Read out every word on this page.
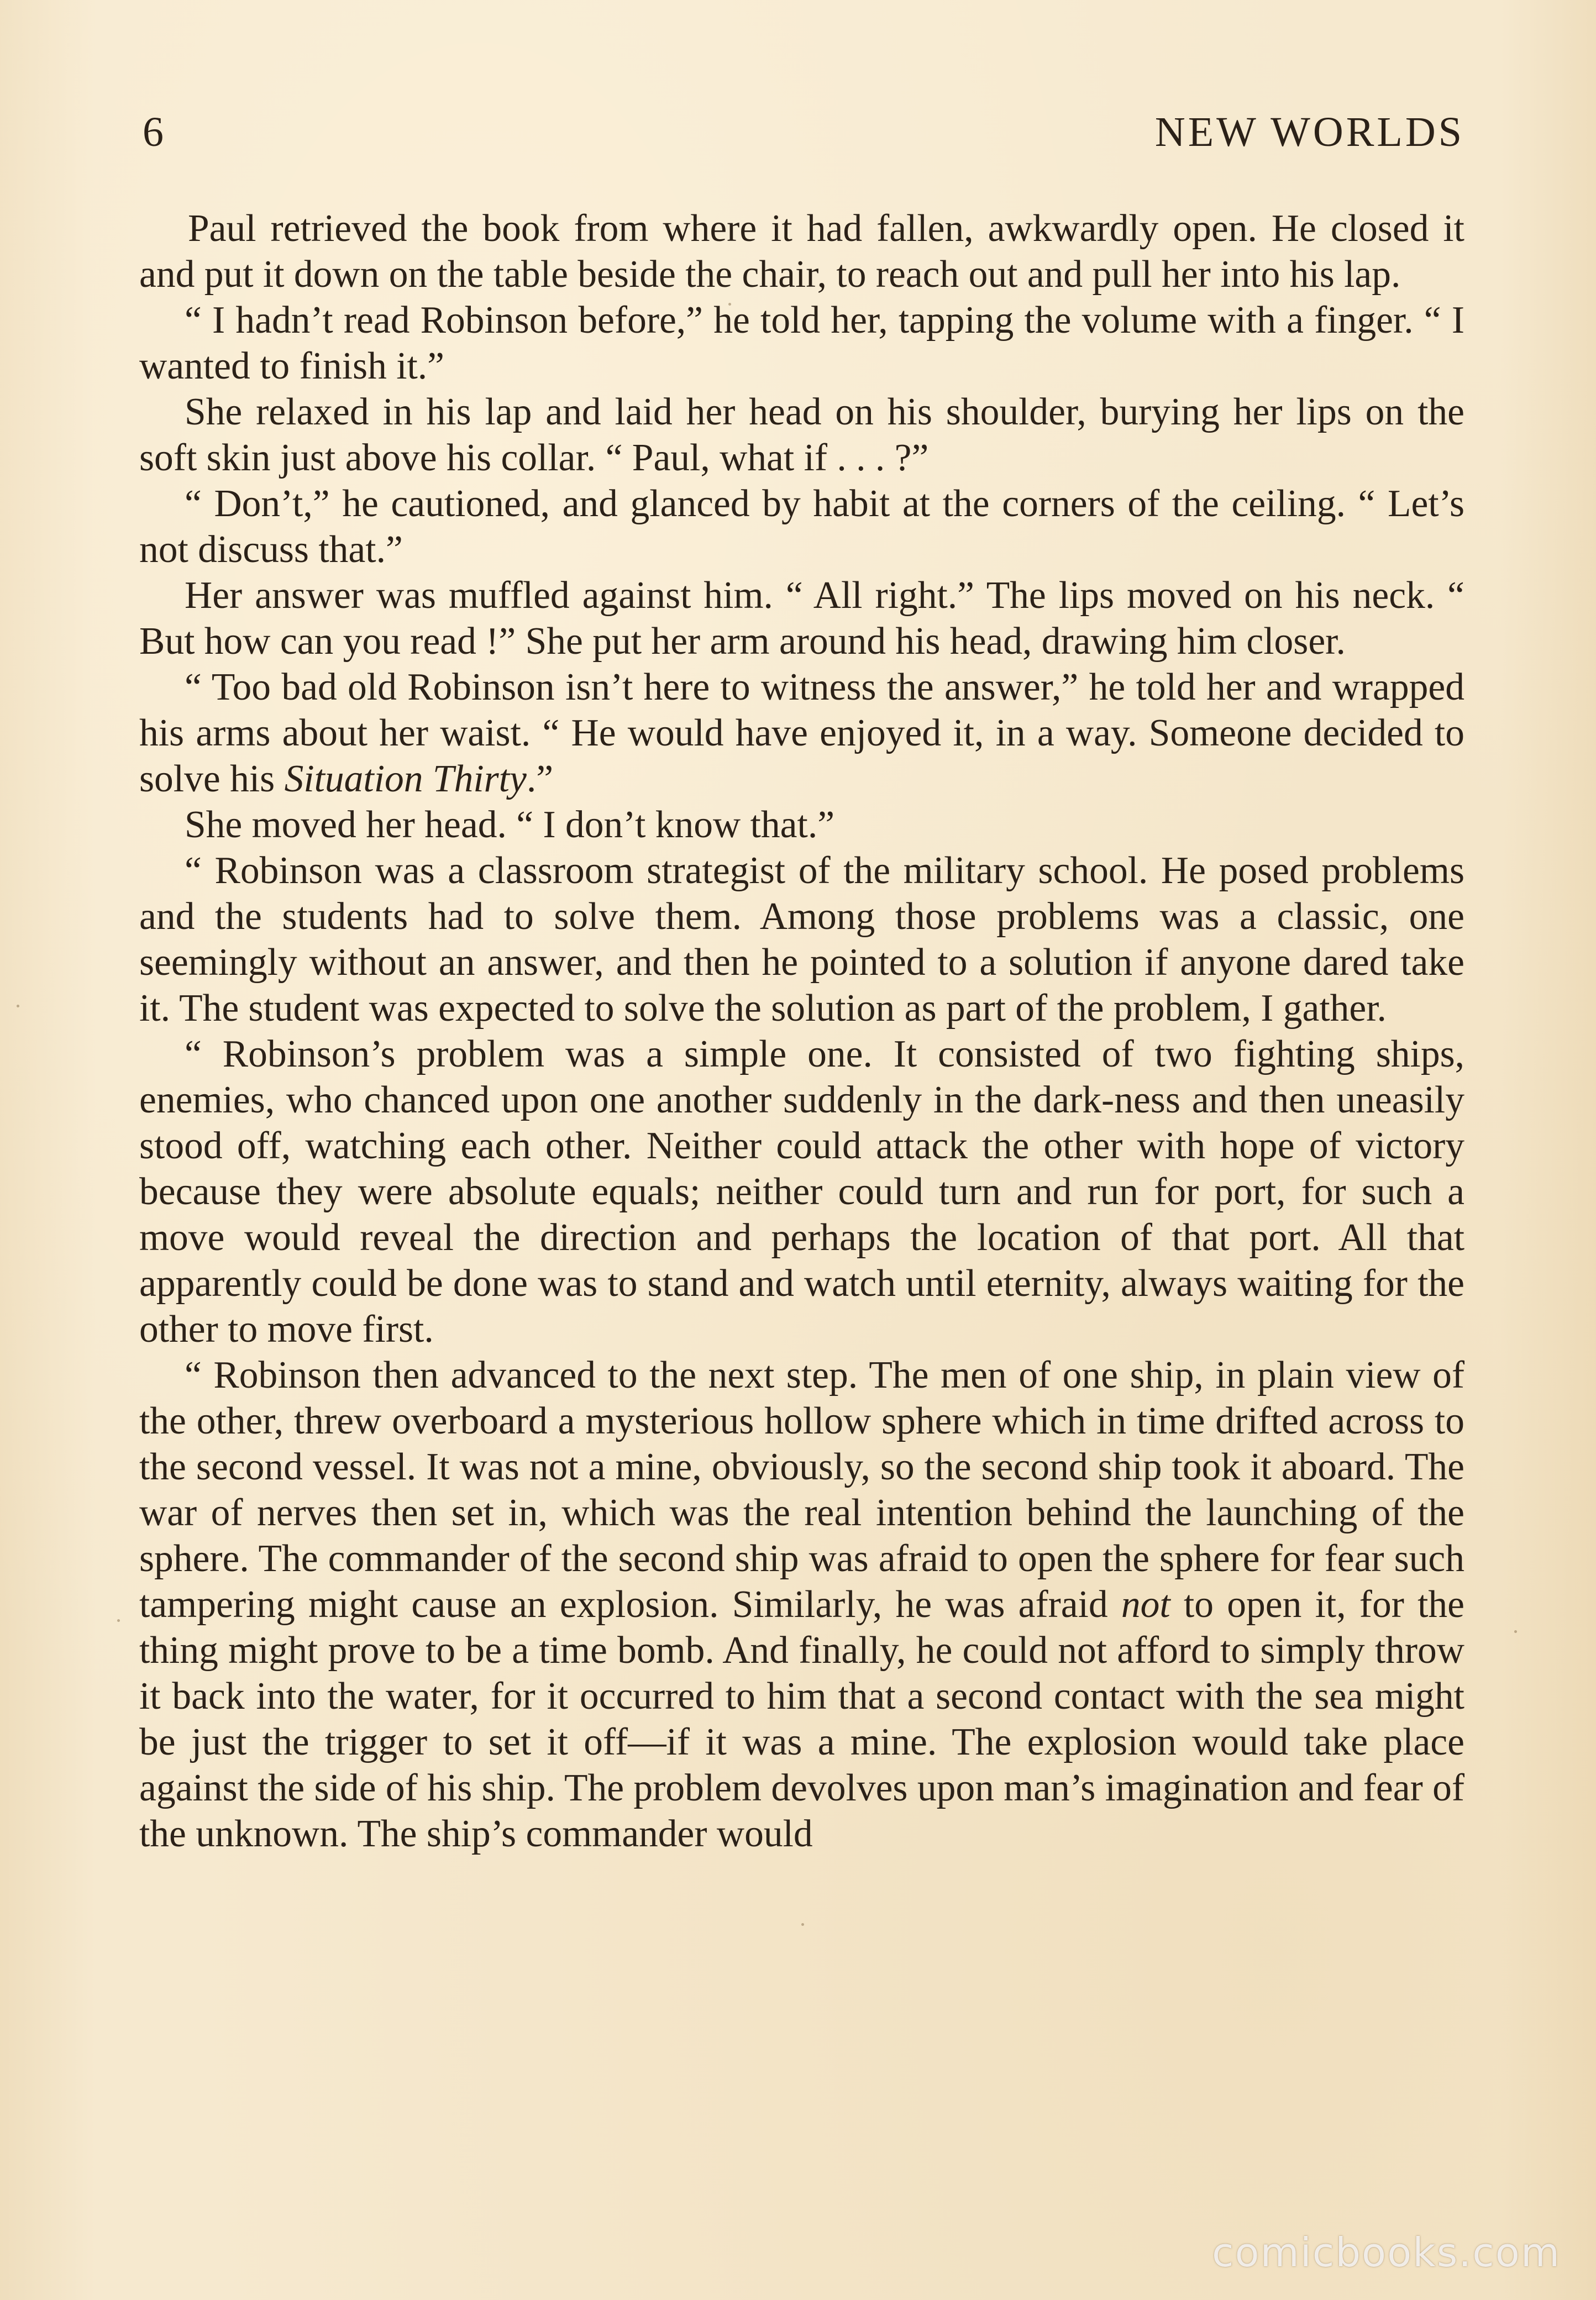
6	NEW WORLDS

Paul retrieved the book from where it had fallen, awkwardly open. He closed it and put it down on the table beside the chair, to reach out and pull her into his lap.

“ I hadn’t read Robinson before,” he told her, tapping the volume with a finger. “ I wanted to finish it.”

She relaxed in his lap and laid her head on his shoulder, burying her lips on the soft skin just above his collar. “ Paul, what if . . . ?”

“ Don’t,” he cautioned, and glanced by habit at the corners of the ceiling. “ Let’s not discuss that.”

Her answer was muffled against him. “ All right.” The lips moved on his neck. “ But how can you read !” She put her arm around his head, drawing him closer.

“ Too bad old Robinson isn’t here to witness the answer,” he told her and wrapped his arms about her waist. “ He would have enjoyed it, in a way. Someone decided to solve his Situation Thirty.”

She moved her head. “ I don’t know that.”

“ Robinson was a classroom strategist of the military school. He posed problems and the students had to solve them. Among those problems was a classic, one seemingly without an answer, and then he pointed to a solution if anyone dared take it. The student was expected to solve the solution as part of the problem, I gather.

“ Robinson’s problem was a simple one. It consisted of two fighting ships, enemies, who chanced upon one another suddenly in the dark-ness and then uneasily stood off, watching each other. Neither could attack the other with hope of victory because they were absolute equals; neither could turn and run for port, for such a move would reveal the direction and perhaps the location of that port. All that apparently could be done was to stand and watch until eternity, always waiting for the other to move first.

“ Robinson then advanced to the next step. The men of one ship, in plain view of the other, threw overboard a mysterious hollow sphere which in time drifted across to the second vessel. It was not a mine, obviously, so the second ship took it aboard. The war of nerves then set in, which was the real intention behind the launching of the sphere. The commander of the second ship was afraid to open the sphere for fear such tampering might cause an explosion. Similarly, he was afraid not to open it, for the thing might prove to be a time bomb. And finally, he could not afford to simply throw it back into the water, for it occurred to him that a second contact with the sea might be just the trigger to set it off—if it was a mine. The explosion would take place against the side of his ship. The problem devolves upon man’s imagination and fear of the unknown. The ship’s commander would

comicbooks.com
